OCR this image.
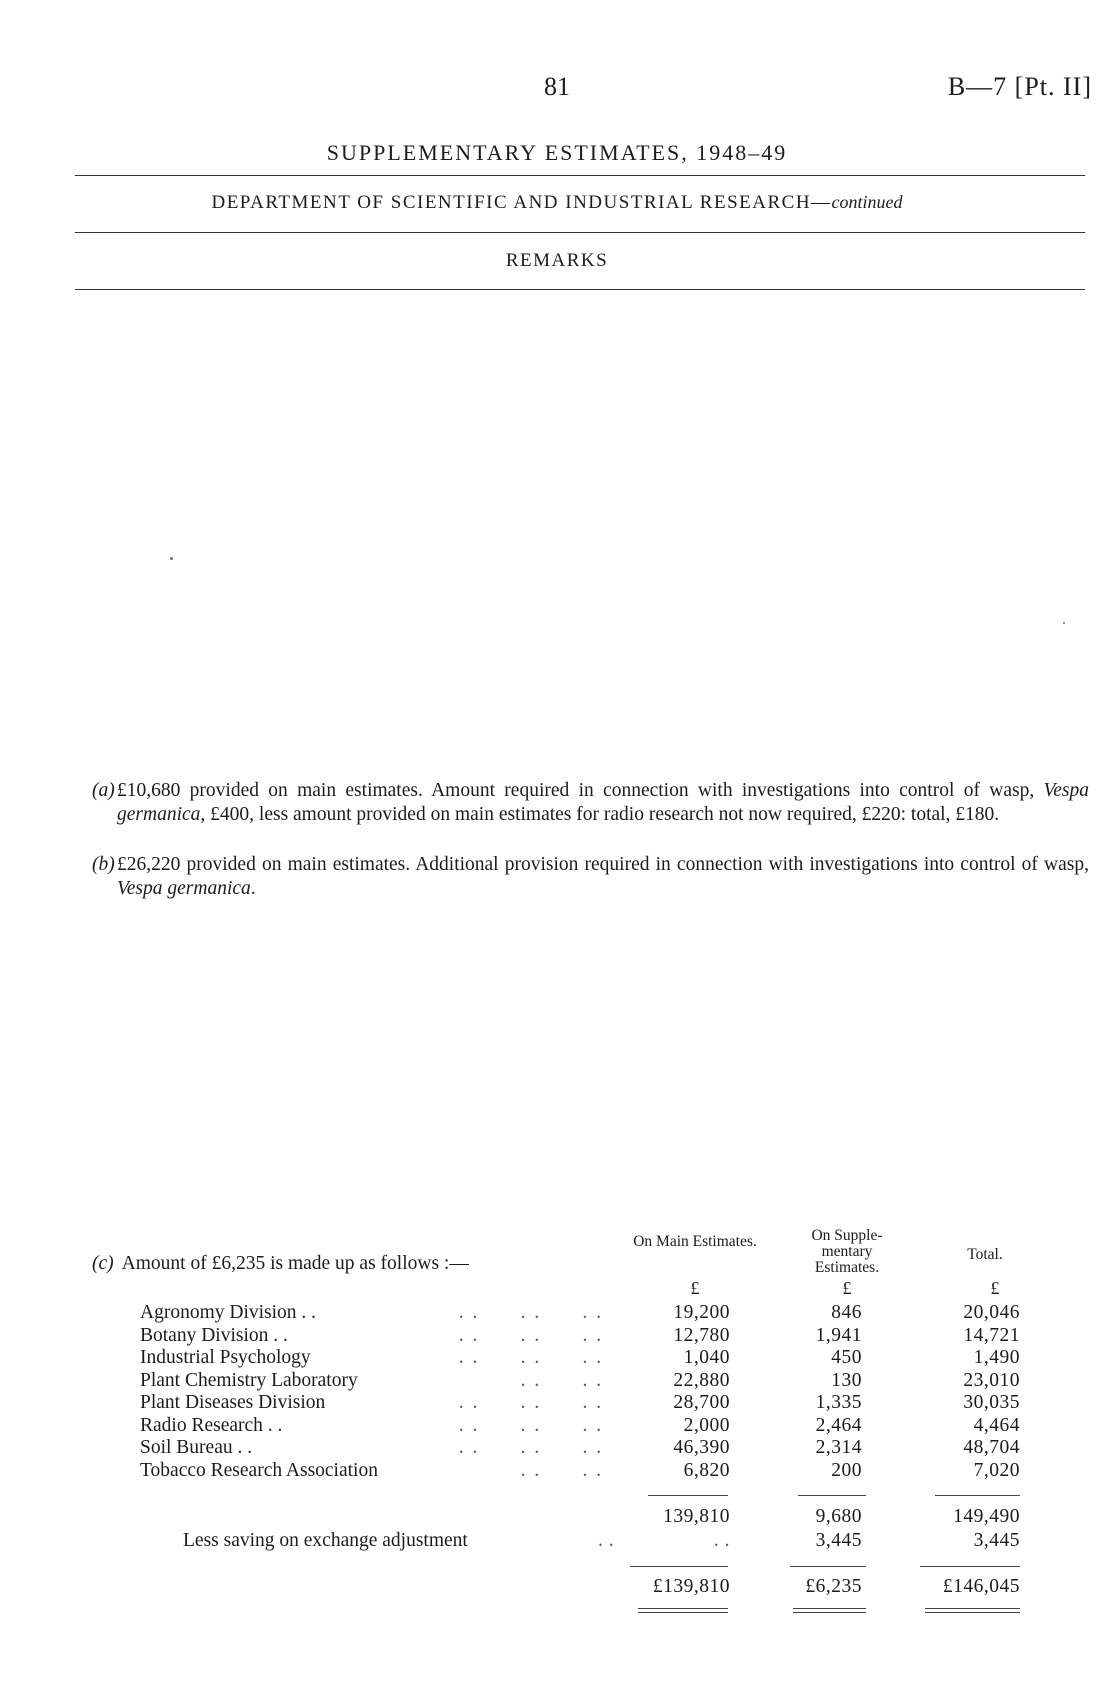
81	B—7 [Pt. II]
SUPPLEMENTARY ESTIMATES, 1948–49
DEPARTMENT OF SCIENTIFIC AND INDUSTRIAL RESEARCH—continued
REMARKS
(a) £10,680 provided on main estimates. Amount required in connection with investigations into control of wasp, Vespa germanica, £400, less amount provided on main estimates for radio research not now required, £220: total, £180.
(b) £26,220 provided on main estimates. Additional provision required in connection with investigations into control of wasp, Vespa germanica.
(c) Amount of £6,235 is made up as follows :—
On Main Estimates.	On Supple-
mentary
Estimates.
Total.
£	£	£
Agronomy Division . .	. .      . .      . .	19,200	846	20,046
Botany Division . .	. .      . .      . .	12,780	1,941	14,721
Industrial Psychology	. .      . .      . .	1,040	450	1,490
Plant Chemistry Laboratory	. .      . .	22,880	130	23,010
Plant Diseases Division	. .      . .      . .	28,700	1,335	30,035
Radio Research . .	. .      . .      . .	2,000	2,464	4,464
Soil Bureau . .	. .      . .      . .	46,390	2,314	48,704
Tobacco Research Association	. .      . .	6,820	200	7,020
139,810	9,680	149,490
Less saving on exchange adjustment	. .	. .	3,445	3,445
£139,810	£6,235	£146,045
